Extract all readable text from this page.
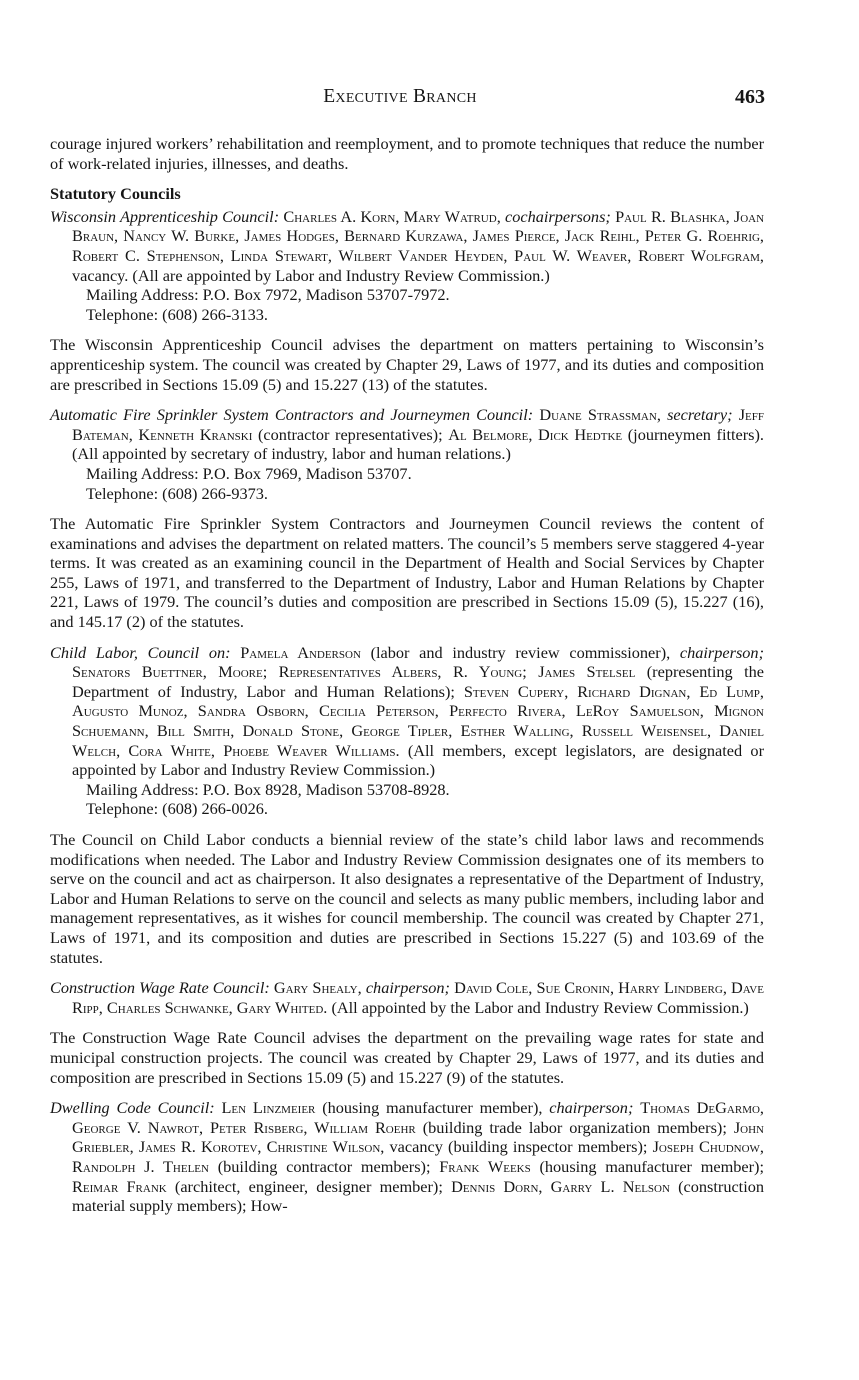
Executive Branch	463

courage injured workers’ rehabilitation and reemployment, and to promote techniques that reduce the number of work-related injuries, illnesses, and deaths.

Statutory Councils

Wisconsin Apprenticeship Council: Charles A. Korn, Mary Watrud, cochairpersons; Paul R. Blashka, Joan Braun, Nancy W. Burke, James Hodges, Bernard Kurzawa, James Pierce, Jack Reihl, Peter G. Roehrig, Robert C. Stephenson, Linda Stewart, Wilbert Vander Heyden, Paul W. Weaver, Robert Wolfgram, vacancy. (All are appointed by Labor and Industry Review Commission.)

Mailing Address: P.O. Box 7972, Madison 53707-7972.

Telephone: (608) 266-3133.

The Wisconsin Apprenticeship Council advises the department on matters pertaining to Wisconsin’s apprenticeship system. The council was created by Chapter 29, Laws of 1977, and its duties and composition are prescribed in Sections 15.09 (5) and 15.227 (13) of the statutes.

Automatic Fire Sprinkler System Contractors and Journeymen Council: Duane Strassman, secretary; Jeff Bateman, Kenneth Kranski (contractor representatives); Al Belmore, Dick Hedtke (journeymen fitters). (All appointed by secretary of industry, labor and human relations.)

Mailing Address: P.O. Box 7969, Madison 53707.

Telephone: (608) 266-9373.

The Automatic Fire Sprinkler System Contractors and Journeymen Council reviews the content of examinations and advises the department on related matters. The council’s 5 members serve staggered 4-year terms. It was created as an examining council in the Department of Health and Social Services by Chapter 255, Laws of 1971, and transferred to the Department of Industry, Labor and Human Relations by Chapter 221, Laws of 1979. The council’s duties and composition are prescribed in Sections 15.09 (5), 15.227 (16), and 145.17 (2) of the statutes.

Child Labor, Council on: Pamela Anderson (labor and industry review commissioner), chairperson; Senators Buettner, Moore; Representatives Albers, R. Young; James Stelsel (representing the Department of Industry, Labor and Human Relations); Steven Cupery, Richard Dignan, Ed Lump, Augusto Munoz, Sandra Osborn, Cecilia Peterson, Perfecto Rivera, LeRoy Samuelson, Mignon Schuemann, Bill Smith, Donald Stone, George Tipler, Esther Walling, Russell Weisensel, Daniel Welch, Cora White, Phoebe Weaver Williams. (All members, except legislators, are designated or appointed by Labor and Industry Review Commission.)

Mailing Address: P.O. Box 8928, Madison 53708-8928.

Telephone: (608) 266-0026.

The Council on Child Labor conducts a biennial review of the state’s child labor laws and recommends modifications when needed. The Labor and Industry Review Commission designates one of its members to serve on the council and act as chairperson. It also designates a representative of the Department of Industry, Labor and Human Relations to serve on the council and selects as many public members, including labor and management representatives, as it wishes for council membership. The council was created by Chapter 271, Laws of 1971, and its composition and duties are prescribed in Sections 15.227 (5) and 103.69 of the statutes.

Construction Wage Rate Council: Gary Shealy, chairperson; David Cole, Sue Cronin, Harry Lindberg, Dave Ripp, Charles Schwanke, Gary Whited. (All appointed by the Labor and Industry Review Commission.)

The Construction Wage Rate Council advises the department on the prevailing wage rates for state and municipal construction projects. The council was created by Chapter 29, Laws of 1977, and its duties and composition are prescribed in Sections 15.09 (5) and 15.227 (9) of the statutes.

Dwelling Code Council: Len Linzmeier (housing manufacturer member), chairperson; Thomas DeGarmo, George V. Nawrot, Peter Risberg, William Roehr (building trade labor organization members); John Griebler, James R. Korotev, Christine Wilson, vacancy (building inspector members); Joseph Chudnow, Randolph J. Thelen (building contractor members); Frank Weeks (housing manufacturer member); Reimar Frank (architect, engineer, designer member); Dennis Dorn, Garry L. Nelson (construction material supply members); How-
